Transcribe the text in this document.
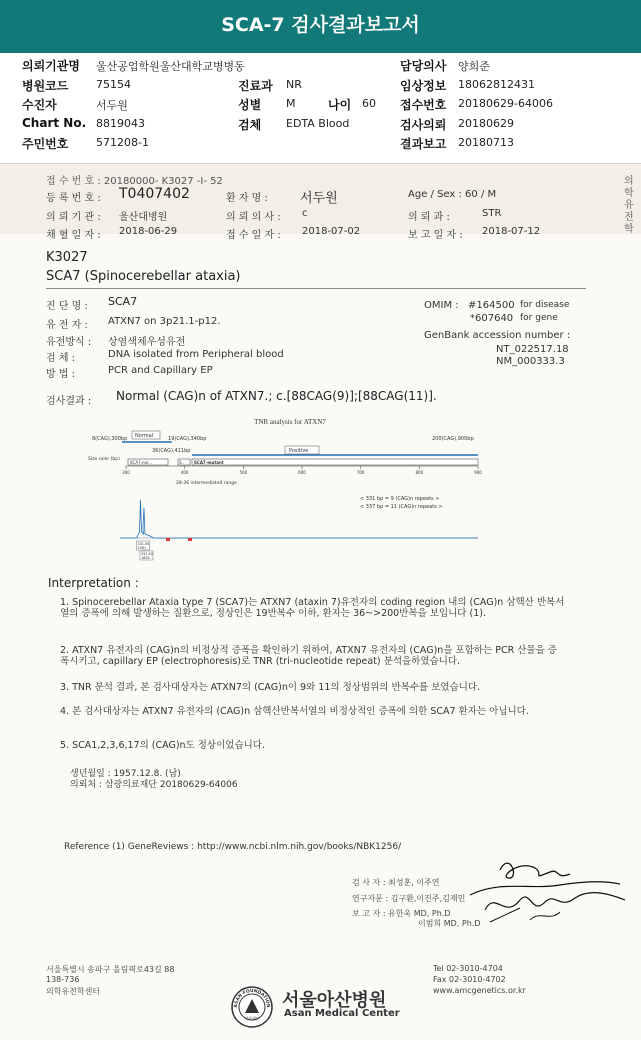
SCA-7 검사결과보고서
의뢰기관명 울산공업학원울산대학교병병동	담당의사 양희준
병원코드	75154	진료과 NR	임상정보 18062812431
수진자	서두원	성별 M	나이 60 접수번호 20180629-64006
Chart No. 8819043	검체 EDTA Blood	검사의뢰 20180629
주민번호	571208-1	결과보고 20180713
접 수 번 호 : 20180000- K3027 -I- 52
등 록 번 호 : T0407402	환 자 명 : 서두원	Age / Sex : 60 / M
의 뢰 기 관 : 울산대병원	의 뢰 의 사 : c	의 뢰 과 :	STR
채 혈 일 자 : 2018-06-29	접 수 일 자 : 2018-07-02	보 고 일 자 : 2018-07-12
의
학
유
전
학
K3027
SCA7 (Spinocerebellar ataxia)
진 단 명 : SCA7
유 전 자 : ATXN7 on 3p21.1-p12.
유전방식 : 상염색체우성유전
검 체 :	DNA isolated from Peripheral blood
방 법 :	PCR and Capillary EP
OMIM : #164500 for disease
*607640 for gene
GenBank accession number :
NT_022517.18
NM_000333.3
검사결과 : Normal (CAG)n of ATXN7.; c.[88CAG(9)];[88CAG(11)].
TNR analysis for ATXN7
8(CAG),300bp Normal	19(CAG),340bp
36(CAG),411bp	Positive
200(CAG),900bp
Size ruler (bp)
SCA7-nor...	S.. SCA7-mutant
300	400	500	600	700	800	900
28-36 intermediated range
< 331 bp = 9 (CAG)n repeats >
< 337 bp = 11 (CAG)n repeats >
331.50
1981
337.40
1828
Interpretation :
1. Spinocerebellar Ataxia type 7 (SCA7)는 ATXN7 (ataxin 7)유전자의 coding region 내의 (CAG)n 삼핵산 반복서열의 증폭에 의해 발생하는 질환으로, 정상인은 19반복수 이하, 환자는 36~>200반복을 보입니다 (1).
2. ATXN7 유전자의 (CAG)n의 비정상적 증폭을 확인하기 위하여, ATXN7 유전자의 (CAG)n을 포함하는 PCR 산물을 증폭시키고, capillary EP (electrophoresis)로 TNR (tri-nucleotide repeat) 분석을하였습니다.
3. TNR 분석 결과, 본 검사대상자는 ATXN7의 (CAG)n이 9와 11의 정상범위의 반복수를 보였습니다.
4. 본 검사대상자는 ATXN7 유전자의 (CAG)n 삼핵산반복서열의 비정상적인 증폭에 의한 SCA7 환자는 아닙니다.
5. SCA1,2,3,6,17의 (CAG)n도 정상이었습니다.
생년월일 : 1957.12.8. (남)
의뢰처 : 삼광의료재단 20180629-64006
Reference (1) GeneReviews : http://www.ncbi.nlm.nih.gov/books/NBK1256/
검 사 자 : 최성훈, 이주연
연구자문 : 김구환,이진주,김재민
보 고 자 : 유한욱 MD, Ph.D
이범희 MD, Ph.D
서울특별시 송파구 올림픽로43길 88
138-736
의학유전학센터
ASAN FOUNDATION
아산재단
서울아산병원
Asan Medical Center
Tel 02-3010-4704
Fax 02-3010-4702
www.amcgenetics.or.kr
